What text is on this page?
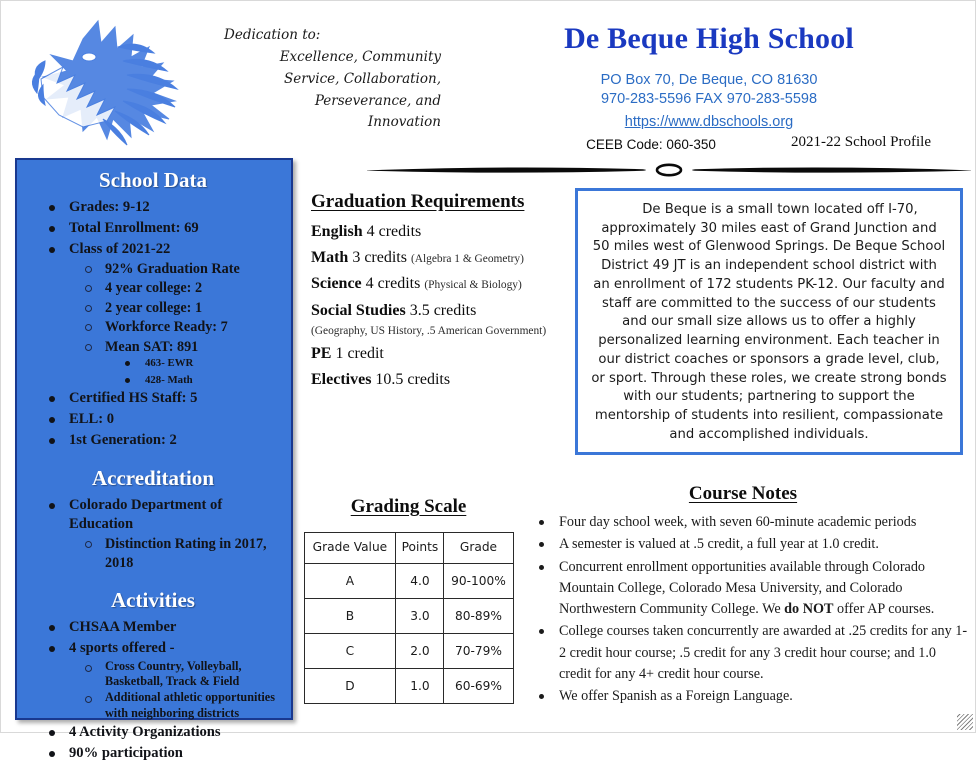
Dedication to:
Excellence, Community
Service, Collaboration,
Perseverance, and
Innovation
De Beque High School
PO Box 70, De Beque, CO 81630
970-283-5596 FAX 970-283-5598
https://www.dbschools.org
CEEB Code: 060-350	2021-22 School Profile
School Data
Grades: 9-12
Total Enrollment: 69
Class of 2021-22
92% Graduation Rate
4 year college: 2
2 year college: 1
Workforce Ready: 7
Mean SAT: 891
463- EWR
428- Math
Certified HS Staff: 5
ELL: 0
1st Generation: 2
Accreditation
Colorado Department of Education
Distinction Rating in 2017, 2018
Activities
CHSAA Member
4 sports offered -
Cross Country, Volleyball, Basketball, Track & Field
Additional athletic opportunities with neighboring districts
4 Activity Organizations
90% participation
Graduation Requirements
English 4 credits
Math 3 credits (Algebra 1 & Geometry)
Science 4 credits (Physical & Biology)
Social Studies 3.5 credits
(Geography, US History, .5 American Government)
PE 1 credit
Electives 10.5 credits

De Beque is a small town located off I-70, approximately 30 miles east of Grand Junction and 50 miles west of Glenwood Springs. De Beque School District 49 JT is an independent school district with an enrollment of 172 students PK-12. Our faculty and staff are committed to the success of our students and our small size allows us to offer a highly personalized learning environment. Each teacher in our district coaches or sponsors a grade level, club, or sport. Through these roles, we create strong bonds with our students; partnering to support the mentorship of students into resilient, compassionate and accomplished individuals.

Grading Scale
Grade Value	Points	Grade
A	4.0	90-100%
B	3.0	80-89%
C	2.0	70-79%
D	1.0	60-69%
Course Notes
Four day school week, with seven 60-minute academic periods
A semester is valued at .5 credit, a full year at 1.0 credit.
Concurrent enrollment opportunities available through Colorado Mountain College, Colorado Mesa University, and Colorado Northwestern Community College. We do NOT offer AP courses.
College courses taken concurrently are awarded at .25 credits for any 1-2 credit hour course; .5 credit for any 3 credit hour course; and 1.0 credit for any 4+ credit hour course.
We offer Spanish as a Foreign Language.
